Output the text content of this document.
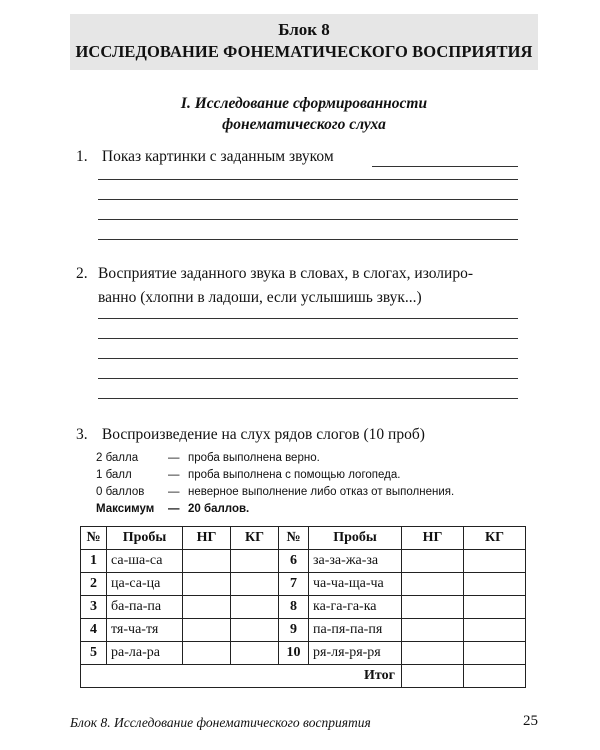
Блок 8
ИССЛЕДОВАНИЕ ФОНЕМАТИЧЕСКОГО ВОСПРИЯТИЯ
I. Исследование сформированности
фонематического слуха
1. Показ картинки с заданным звуком
2. Восприятие заданного звука в словах, в слогах, изолиро-
ванно (хлопни в ладоши, если услышишь звук...)
3. Воспроизведение на слух рядов слогов (10 проб)
2 балла	— проба выполнена верно.
1 балл	— проба выполнена с помощью логопеда.
0 баллов — неверное выполнение либо отказ от выполнения.
Максимум — 20 баллов.
№	Пробы	НГ	КГ	№	Пробы	НГ	КГ
1	са-ша-са			6	за-за-жа-за		
2	ца-са-ца			7	ча-ча-ща-ча		
3	ба-па-па			8	ка-га-га-ка		
4	тя-ча-тя			9	па-пя-па-пя		
5	ра-ла-ра			10	ря-ля-ря-ря		
Итог							
Блок 8. Исследование фонематического восприятия	25
